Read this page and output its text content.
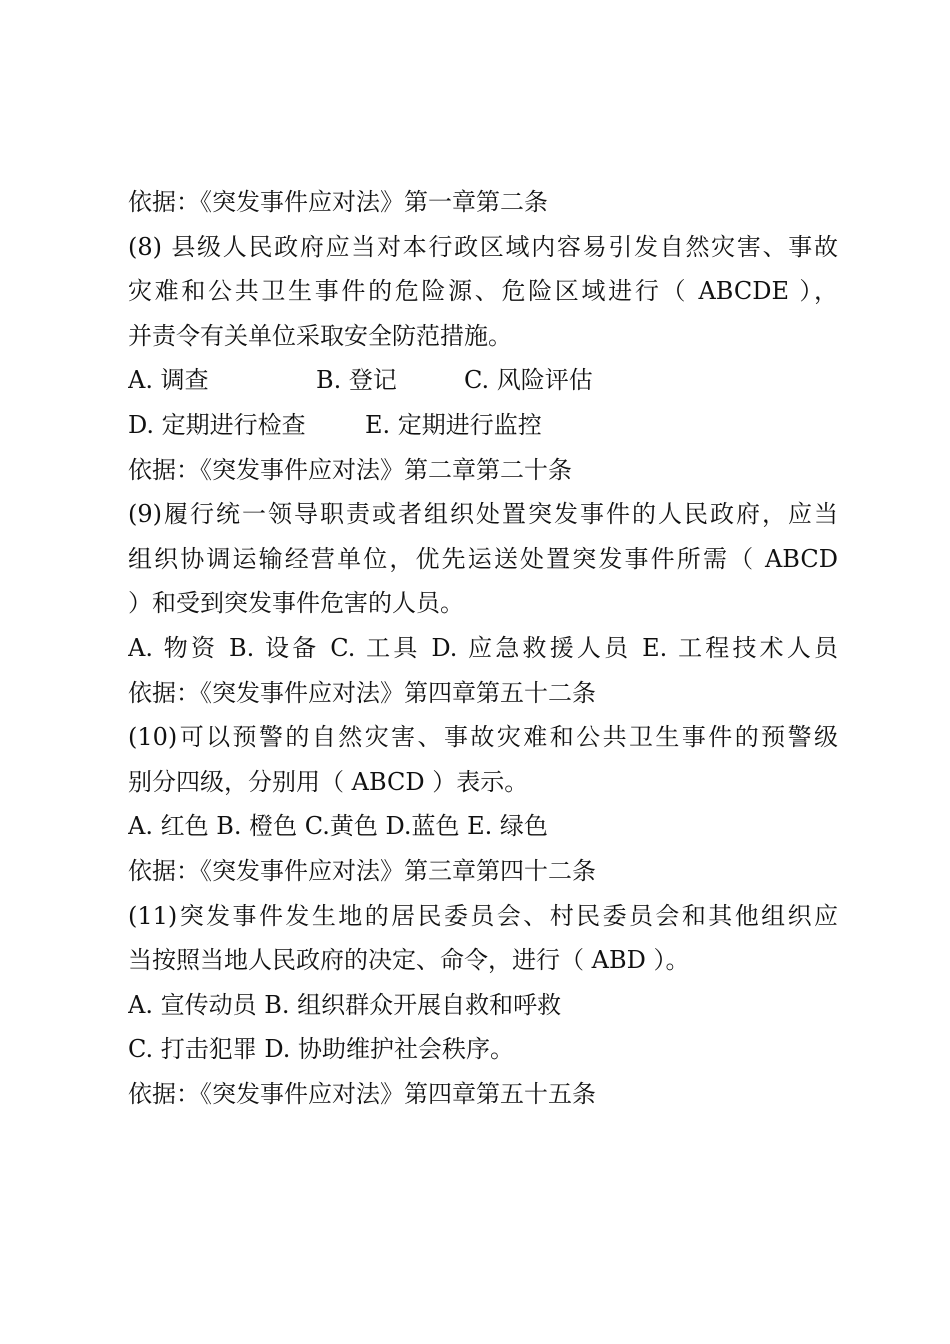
依据：《突发事件应对法》第一章第二条
(8) 县级人民政府应当对本行政区域内容易引发自然灾害、事故
灾难和公共卫生事件的危险源、危险区域进行（ ABCDE ），
并责令有关单位采取安全防范措施。
A. 调查	B. 登记	C. 风险评估
D. 定期进行检查 E. 定期进行监控
依据：《突发事件应对法》第二章第二十条
(9)履行统一领导职责或者组织处置突发事件的人民政府，应当
组织协调运输经营单位，优先运送处置突发事件所需（ ABCD
）和受到突发事件危害的人员。
A. 物资 B. 设备 C. 工具 D. 应急救援人员 E. 工程技术人员
依据：《突发事件应对法》第四章第五十二条
(10)可以预警的自然灾害、事故灾难和公共卫生事件的预警级
别分四级，分别用（ ABCD ）表示。
A. 红色 B. 橙色 C.黄色 D.蓝色 E. 绿色
依据：《突发事件应对法》第三章第四十二条
(11)突发事件发生地的居民委员会、村民委员会和其他组织应
当按照当地人民政府的决定、命令，进行（ ABD ）。
A. 宣传动员 B. 组织群众开展自救和呼救
C. 打击犯罪 D. 协助维护社会秩序。
依据：《突发事件应对法》第四章第五十五条
